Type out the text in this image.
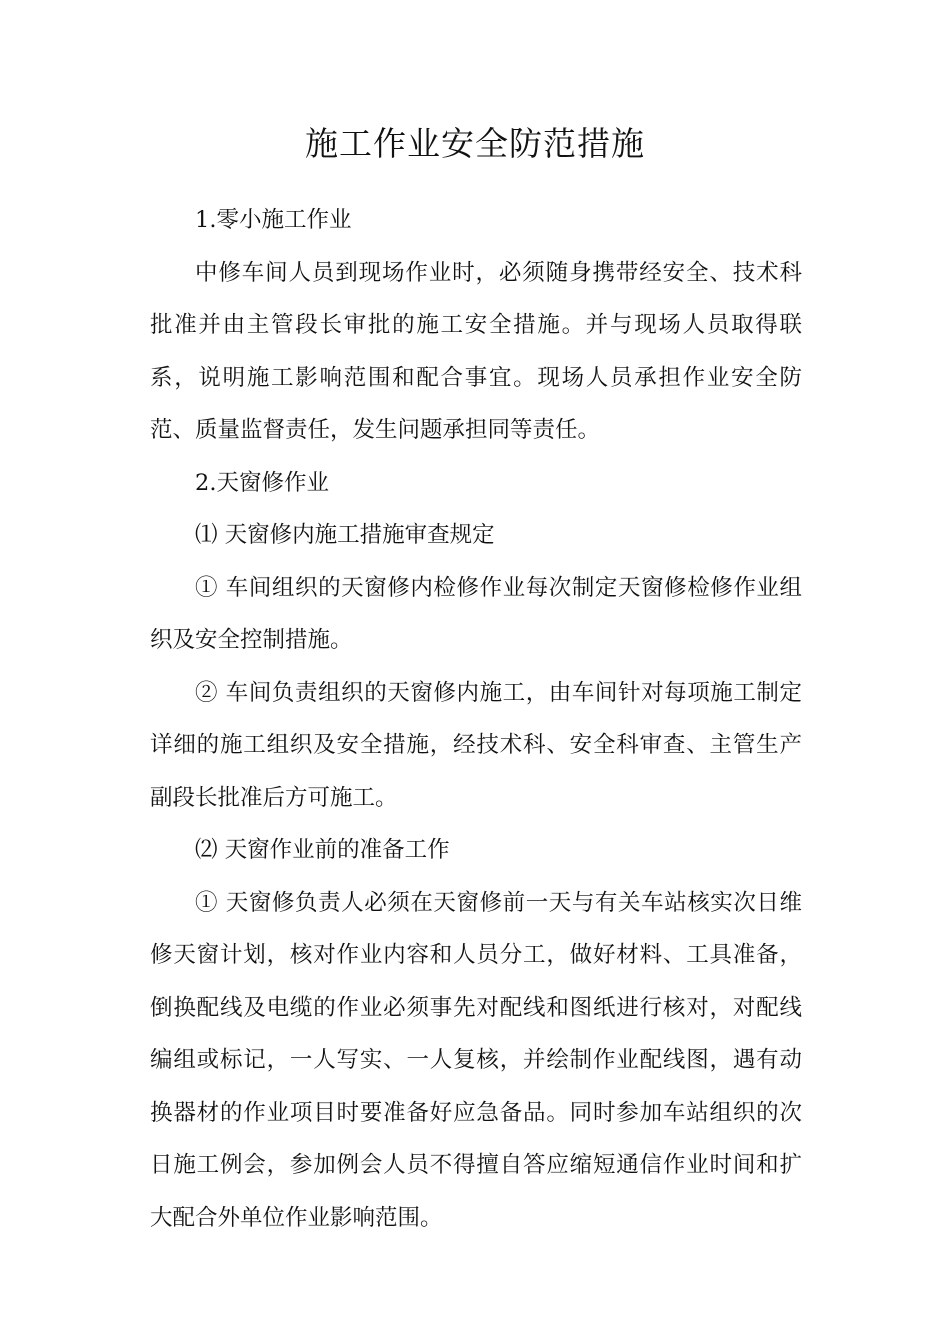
施工作业安全防范措施

1.零小施工作业

中修车间人员到现场作业时，必须随身携带经安全、技术科批准并由主管段长审批的施工安全措施。并与现场人员取得联系，说明施工影响范围和配合事宜。现场人员承担作业安全防范、质量监督责任，发生问题承担同等责任。

2.天窗修作业

⑴ 天窗修内施工措施审查规定

① 车间组织的天窗修内检修作业每次制定天窗修检修作业组织及安全控制措施。

② 车间负责组织的天窗修内施工，由车间针对每项施工制定详细的施工组织及安全措施，经技术科、安全科审查、主管生产副段长批准后方可施工。

⑵ 天窗作业前的准备工作

① 天窗修负责人必须在天窗修前一天与有关车站核实次日维修天窗计划，核对作业内容和人员分工，做好材料、工具准备，倒换配线及电缆的作业必须事先对配线和图纸进行核对，对配线编组或标记，一人写实、一人复核，并绘制作业配线图，遇有动换器材的作业项目时要准备好应急备品。同时参加车站组织的次日施工例会，参加例会人员不得擅自答应缩短通信作业时间和扩大配合外单位作业影响范围。
